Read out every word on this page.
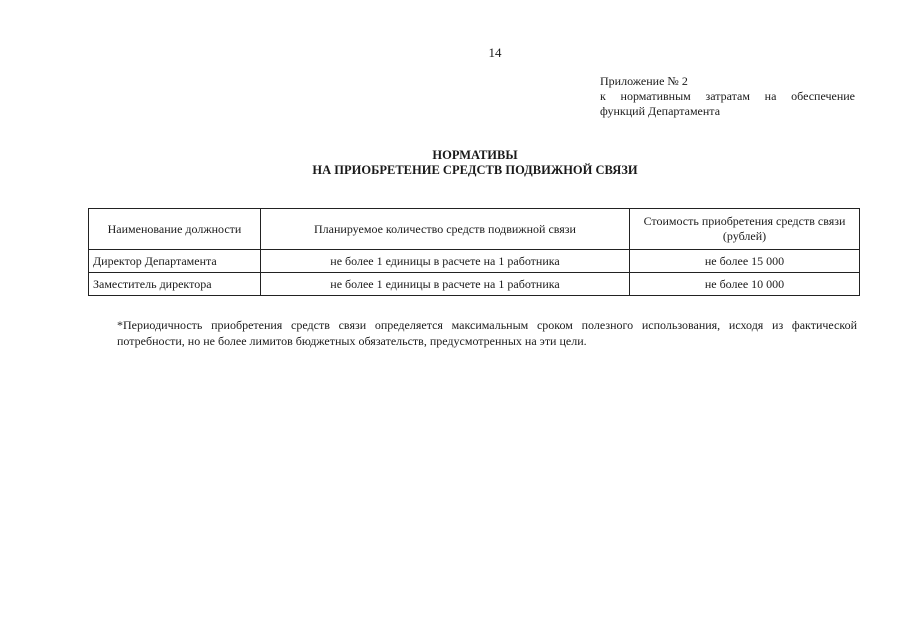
14
Приложение № 2
к нормативным затратам на обеспечение
функций Департамента
НОРМАТИВЫ
НА ПРИОБРЕТЕНИЕ СРЕДСТВ ПОДВИЖНОЙ СВЯЗИ
Наименование должности	Планируемое количество средств подвижной связи	Стоимость приобретения средств связи (рублей)
Директор Департамента	не более 1 единицы в расчете на 1 работника	не более 15 000
Заместитель директора	не более 1 единицы в расчете на 1 работника	не более 10 000
*Периодичность приобретения средств связи определяется максимальным сроком полезного использования, исходя из фактической потребности, но не более лимитов бюджетных обязательств, предусмотренных на эти цели.
